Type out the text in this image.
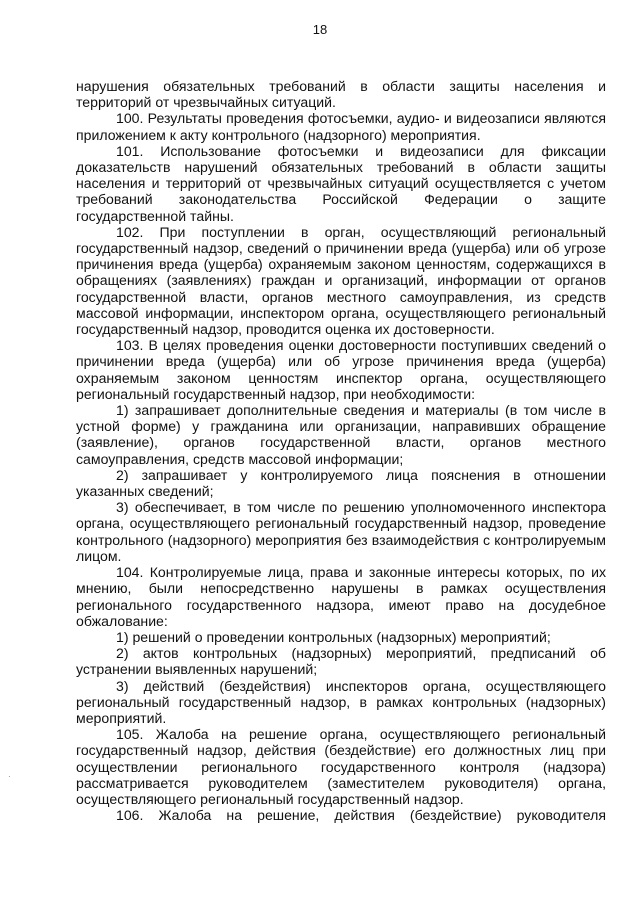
18

нарушения обязательных требований в области защиты населения и территорий от чрезвычайных ситуаций.

100. Результаты проведения фотосъемки, аудио- и видеозаписи являются приложением к акту контрольного (надзорного) мероприятия.

101. Использование фотосъемки и видеозаписи для фиксации доказательств нарушений обязательных требований в области защиты населения и территорий от чрезвычайных ситуаций осуществляется с учетом требований законодательства Российской Федерации о защите государственной тайны.

102. При поступлении в орган, осуществляющий региональный государственный надзор, сведений о причинении вреда (ущерба) или об угрозе причинения вреда (ущерба) охраняемым законом ценностям, содержащихся в обращениях (заявлениях) граждан и организаций, информации от органов государственной власти, органов местного самоуправления, из средств массовой информации, инспектором органа, осуществляющего региональный государственный надзор, проводится оценка их достоверности.

103. В целях проведения оценки достоверности поступивших сведений о причинении вреда (ущерба) или об угрозе причинения вреда (ущерба) охраняемым законом ценностям инспектор органа, осуществляющего региональный государственный надзор, при необходимости:

1) запрашивает дополнительные сведения и материалы (в том числе в устной форме) у гражданина или организации, направивших обращение (заявление), органов государственной власти, органов местного самоуправления, средств массовой информации;

2) запрашивает у контролируемого лица пояснения в отношении указанных сведений;

3) обеспечивает, в том числе по решению уполномоченного инспектора органа, осуществляющего региональный государственный надзор, проведение контрольного (надзорного) мероприятия без взаимодействия с контролируемым лицом.

104. Контролируемые лица, права и законные интересы которых, по их мнению, были непосредственно нарушены в рамках осуществления регионального государственного надзора, имеют право на досудебное обжалование:

1) решений о проведении контрольных (надзорных) мероприятий;

2) актов контрольных (надзорных) мероприятий, предписаний об устранении выявленных нарушений;

3) действий (бездействия) инспекторов органа, осуществляющего региональный государственный надзор, в рамках контрольных (надзорных) мероприятий.

105. Жалоба на решение органа, осуществляющего региональный государственный надзор, действия (бездействие) его должностных лиц при осуществлении регионального государственного контроля (надзора) рассматривается руководителем (заместителем руководителя) органа, осуществляющего региональный государственный надзор.

106. Жалоба на решение, действия (бездействие) руководителя

·
